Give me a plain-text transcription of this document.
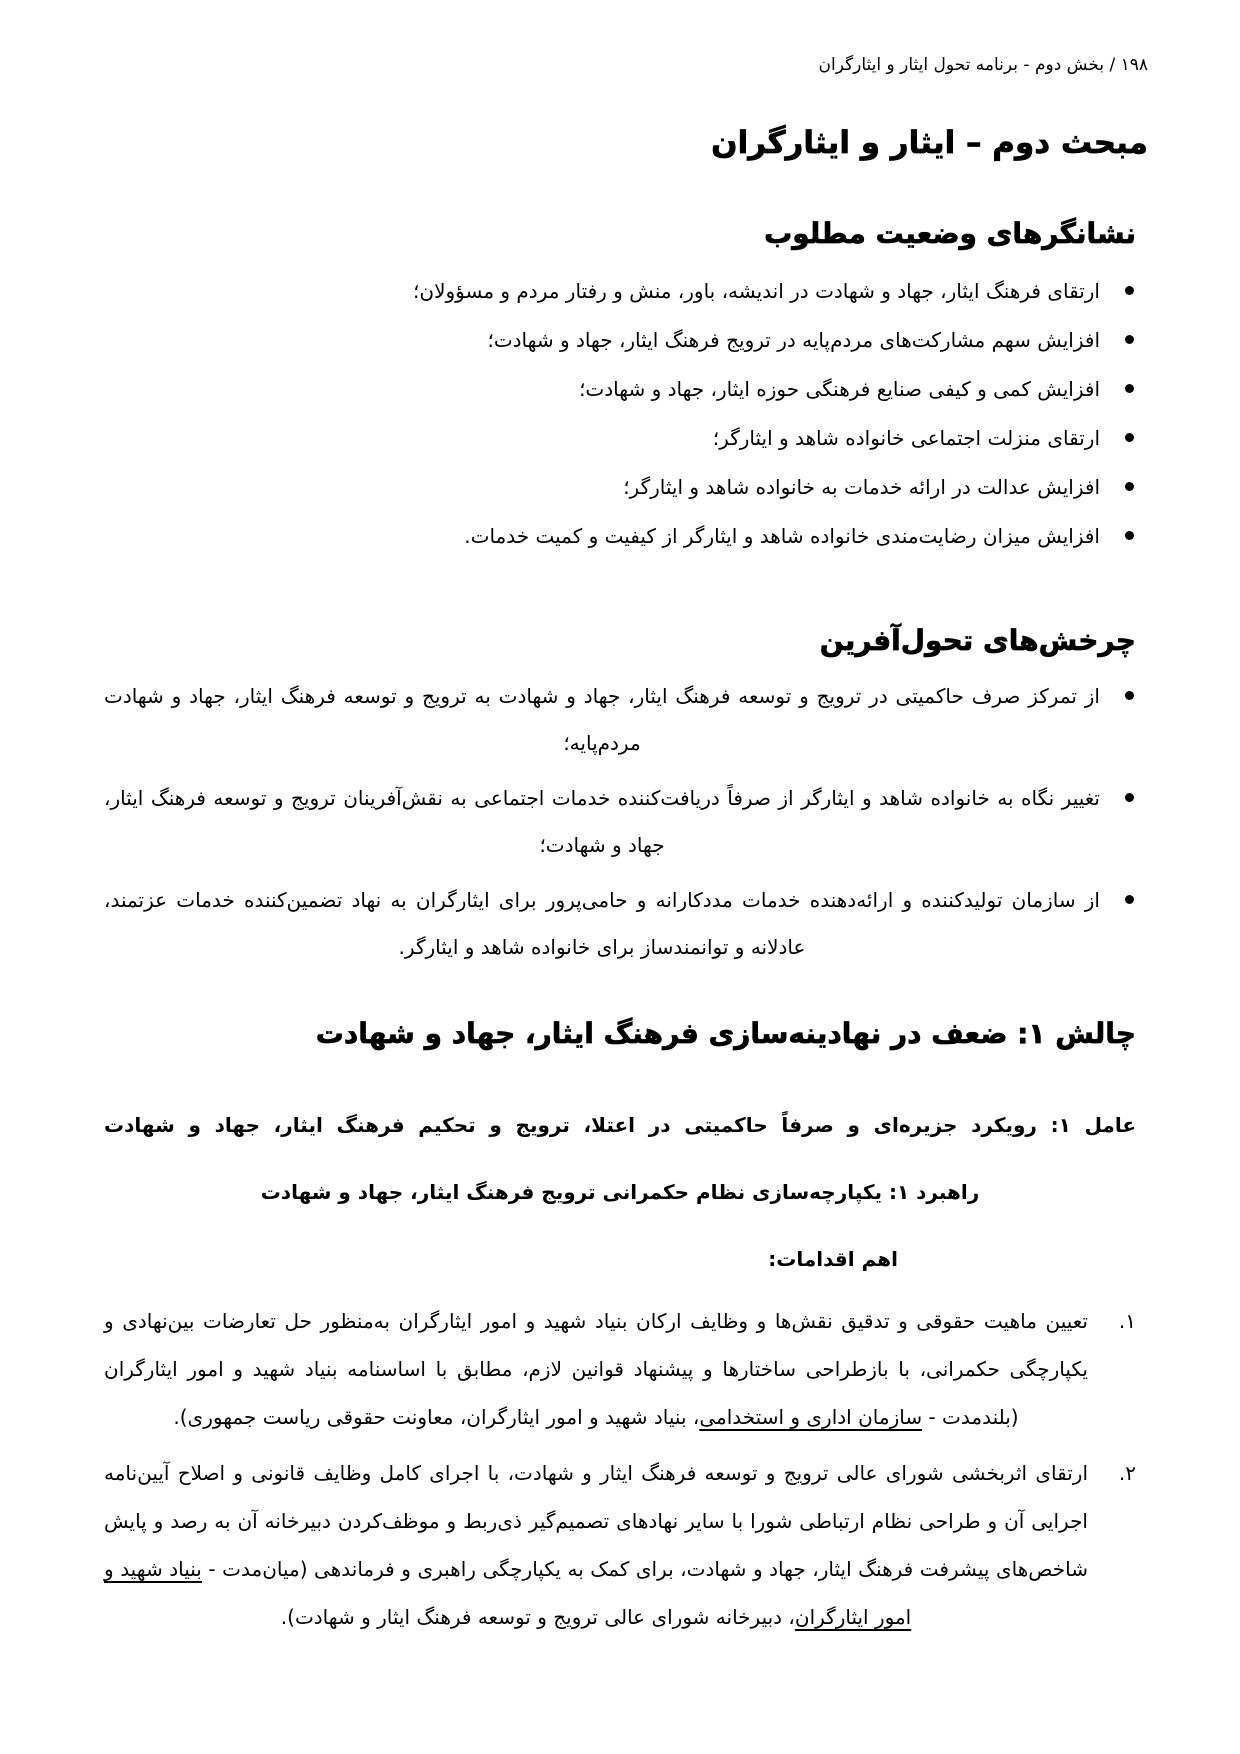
۱۹۸ / بخش دوم - برنامه تحول ایثار و ایثارگران
مبحث دوم – ایثار و ایثارگران
نشانگرهای وضعیت مطلوب
ارتقای فرهنگ ایثار، جهاد و شهادت در اندیشه، باور، منش و رفتار مردم و مسؤولان؛
افزایش سهم مشارکت‌های مردم‌پایه در ترویج فرهنگ ایثار، جهاد و شهادت؛
افزایش کمی و کیفی صنایع فرهنگی حوزه ایثار، جهاد و شهادت؛
ارتقای منزلت اجتماعی خانواده شاهد و ایثارگر؛
افزایش عدالت در ارائه خدمات به خانواده شاهد و ایثارگر؛
افزایش میزان رضایت‌مندی خانواده شاهد و ایثارگر از کیفیت و کمیت خدمات.
چرخش‌های تحول‌آفرین
از تمرکز صرف حاکمیتی در ترویج و توسعه فرهنگ ایثار، جهاد و شهادت به ترویج و توسعه فرهنگ ایثار، جهاد و شهادت مردم‌پایه؛
تغییر نگاه به خانواده شاهد و ایثارگر از صرفاً دریافت‌کننده خدمات اجتماعی به نقش‌آفرینان ترویج و توسعه فرهنگ ایثار، جهاد و شهادت؛
از سازمان تولیدکننده و ارائه‌دهنده خدمات مددکارانه و حامی‌پرور برای ایثارگران به نهاد تضمین‌کننده خدمات عزتمند، عادلانه و توانمندساز برای خانواده شاهد و ایثارگر.
چالش ۱: ضعف در نهادینه‌سازی فرهنگ ایثار، جهاد و شهادت

عامل ۱: رویکرد جزیره‌ای و صرفاً حاکمیتی در اعتلا، ترویج و تحکیم فرهنگ ایثار، جهاد و شهادت

راهبرد ۱: یکپارچه‌سازی نظام حکمرانی ترویج فرهنگ ایثار، جهاد و شهادت

اهم اقدامات:

۱.
تعیین ماهیت حقوقی و تدقیق نقش‌ها و وظایف ارکان بنیاد شهید و امور ایثارگران به‌منظور حل تعارضات بین‌نهادی و یکپارچگی حکمرانی، با بازطراحی ساختارها و پیشنهاد قوانین لازم، مطابق با اساسنامه بنیاد شهید و امور ایثارگران (بلندمدت - سازمان اداری و استخدامی، بنیاد شهید و امور ایثارگران، معاونت حقوقی ریاست جمهوری).
۲.
ارتقای اثربخشی شورای عالی ترویج و توسعه فرهنگ ایثار و شهادت، با اجرای کامل وظایف قانونی و اصلاح آیین‌نامه اجرایی آن و طراحی نظام ارتباطی شورا با سایر نهادهای تصمیم‌گیر ذی‌ربط و موظف‌کردن دبیرخانه آن به رصد و پایش شاخص‌های پیشرفت فرهنگ ایثار، جهاد و شهادت، برای کمک به یکپارچگی راهبری و فرماندهی (میان‌مدت - بنیاد شهید و امور ایثارگران، دبیرخانه شورای عالی ترویج و توسعه فرهنگ ایثار و شهادت).
